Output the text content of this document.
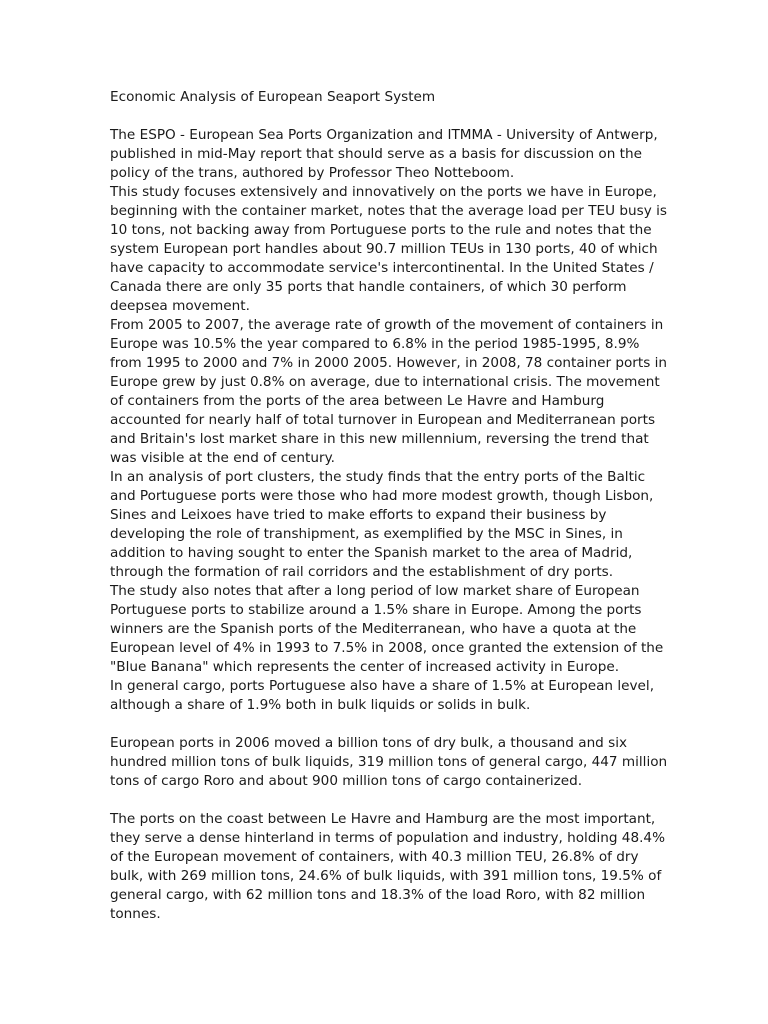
Economic Analysis of European Seaport System

The ESPO - European Sea Ports Organization and ITMMA - University of Antwerp, published in mid-May report that should serve as a basis for discussion on the policy of the trans, authored by Professor Theo Notteboom.

This study focuses extensively and innovatively on the ports we have in Europe, beginning with the container market, notes that the average load per TEU busy is 10 tons, not backing away from Portuguese ports to the rule and notes that the system European port handles about 90.7 million TEUs in 130 ports, 40 of which have capacity to accommodate service's intercontinental. In the United States / Canada there are only 35 ports that handle containers, of which 30 perform deepsea movement.

From 2005 to 2007, the average rate of growth of the movement of containers in Europe was 10.5% the year compared to 6.8% in the period 1985-1995, 8.9% from 1995 to 2000 and 7% in 2000 2005. However, in 2008, 78 container ports in Europe grew by just 0.8% on average, due to international crisis. The movement of containers from the ports of the area between Le Havre and Hamburg accounted for nearly half of total turnover in European and Mediterranean ports and Britain's lost market share in this new millennium, reversing the trend that was visible at the end of century.

In an analysis of port clusters, the study finds that the entry ports of the Baltic and Portuguese ports were those who had more modest growth, though Lisbon, Sines and Leixoes have tried to make efforts to expand their business by developing the role of transhipment, as exemplified by the MSC in Sines, in addition to having sought to enter the Spanish market to the area of Madrid, through the formation of rail corridors and the establishment of dry ports.

The study also notes that after a long period of low market share of European Portuguese ports to stabilize around a 1.5% share in Europe. Among the ports winners are the Spanish ports of the Mediterranean, who have a quota at the European level of 4% in 1993 to 7.5% in 2008, once granted the extension of the "Blue Banana" which represents the center of increased activity in Europe.

In general cargo, ports Portuguese also have a share of 1.5% at European level, although a share of 1.9% both in bulk liquids or solids in bulk.

European ports in 2006 moved a billion tons of dry bulk, a thousand and six hundred million tons of bulk liquids, 319 million tons of general cargo, 447 million tons of cargo Roro and about 900 million tons of cargo containerized.

The ports on the coast between Le Havre and Hamburg are the most important, they serve a dense hinterland in terms of population and industry, holding 48.4% of the European movement of containers, with 40.3 million TEU, 26.8% of dry bulk, with 269 million tons, 24.6% of bulk liquids, with 391 million tons, 19.5% of general cargo, with 62 million tons and 18.3% of the load Roro, with 82 million tonnes.
